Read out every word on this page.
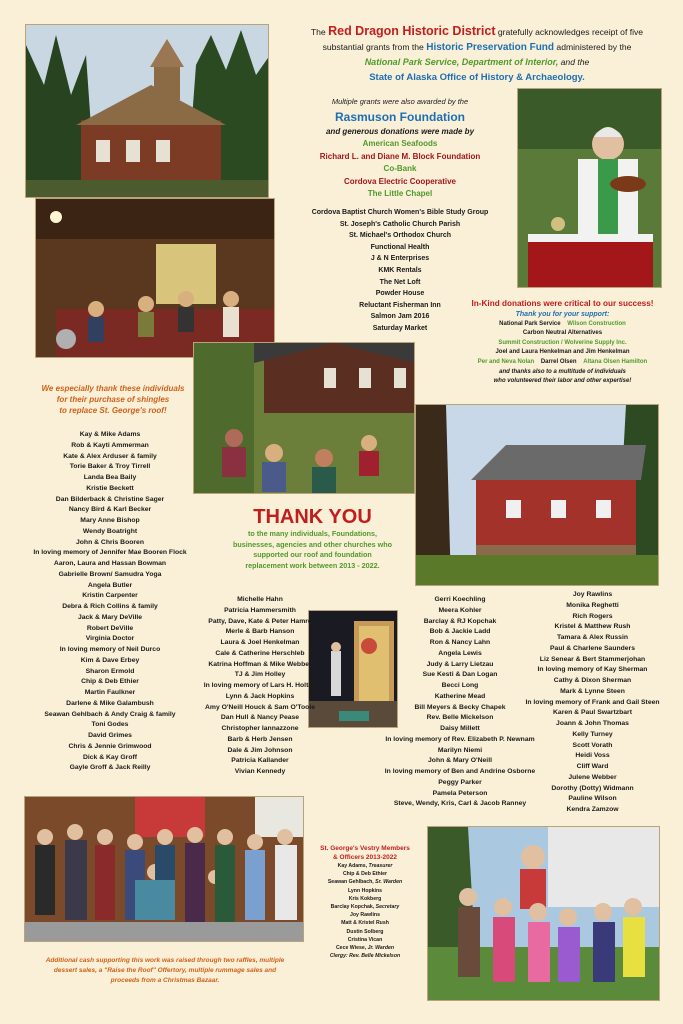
The Red Dragon Historic District gratefully acknowledges receipt of five
substantial grants from the Historic Preservation Fund administered by the
National Park Service, Department of Interior, and the
State of Alaska Office of History & Archaeology.
Multiple grants were also awarded by the
Rasmuson Foundation
and generous donations were made by
American Seafoods
Richard L. and Diane M. Block Foundation
Co-Bank
Cordova Electric Cooperative
The Little Chapel
Cordova Baptist Church Women's Bible Study Group
St. Joseph's Catholic Church Parish
St. Michael's Orthodox Church
Functional Health
J & N Enterprises
KMK Rentals
The Net Loft
Powder House
Reluctant Fisherman Inn
Salmon Jam 2016
Saturday Market
In-Kind donations were critical to our success!
Thank you for your support:
National Park Service Wilson Construction
Carbon Neutral Alternatives
Summit Construction / Wolverine Supply Inc.
Joel and Laura Henkelman and Jim Henkelman
Per and Neva Nolan Darrel Olsen Altana Olsen Hamilton
and thanks also to a multitude of individuals
who volunteered their labor and other expertise!
We especially thank these individuals
for their purchase of shingles
to replace St. George's roof!
Kay & Mike Adams
Rob & Kayti Ammerman
Kate & Alex Arduser & family
Torie Baker & Troy Tirrell
Landa Bea Baily
Kristie Beckett
Dan Bilderback & Christine Sager
Nancy Bird & Karl Becker
Mary Anne Bishop
Wendy Boatright
John & Chris Booren
In loving memory of Jennifer Mae Booren Flock
Aaron, Laura and Hassan Bowman
Gabrielle Brown/ Samudra Yoga
Angela Butler
Kristin Carpenter
Debra & Rich Collins & family
Jack & Mary DeVille
Robert DeVille
Virginia Doctor
In loving memory of Neil Durco
Kim & Dave Erbey
Sharon Ermold
Chip & Deb Ethier
Martin Faulkner
Darlene & Mike Galambush
Seawan Gehlbach & Andy Craig & family
Toni Godes
David Grimes
Chris & Jennie Grimwood
Dick & Kay Groff
Gayle Groff & Jack Reilly
Michelle Hahn
Patricia Hammersmith
Patty, Dave, Kate & Peter Hamre
Merle & Barb Hanson
Laura & Joel Henkelman
Cale & Catherine Herschleb
Katrina Hoffman & Mike Webber
TJ & Jim Holley
In loving memory of Lars H. Holtan
Lynn & Jack Hopkins
Amy O'Neill Houck & Sam O'Toole
Dan Hull & Nancy Pease
Christopher Iannazzone
Barb & Herb Jensen
Dale & Jim Johnson
Patricia Kallander
Vivian Kennedy
Gerri Koechling
Meera Kohler
Barclay & RJ Kopchak
Bob & Jackie Ladd
Ron & Nancy Lahn
Angela Lewis
Judy & Larry Lietzau
Sue Kesti & Dan Logan
Becci Long
Katherine Mead
Bill Meyers & Becky Chapek
Rev. Belle Mickelson
Daisy Millett
In loving memory of Rev. Elizabeth P. Newnam
Marilyn Niemi
John & Mary O'Neill
In loving memory of Ben and Andrine Osborne
Peggy Parker
Pamela Peterson
Steve, Wendy, Kris, Carl & Jacob Ranney
Joy Rawlins
Monika Reghetti
Rich Rogers
Kristel & Matthew Rush
Tamara & Alex Russin
Paul & Charlene Saunders
Liz Senear & Bert Stammerjohan
In loving memory of Kay Sherman
Cathy & Dixon Sherman
Mark & Lynne Steen
In loving memory of Frank and Gail Steen
Karen & Paul Swartzbart
Joann & John Thomas
Kelly Turney
Scott Vorath
Heidi Voss
Cliff Ward
Julene Webber
Dorothy (Dotty) Widmann
Pauline Wilson
Kendra Zamzow
THANK YOU
to the many individuals, Foundations,
businesses, agencies and other churches who
supported our roof and foundation
replacement work between 2013 - 2022.
St. George's Vestry Members
& Officers 2013-2022
Kay Adams, Treasurer
Chip & Deb Ethier
Seawan Gehlbach, Sr. Warden
Lynn Hopkins
Kris Kokberg
Barclay Kopchak, Secretary
Joy Rawlins
Matt & Kristel Rush
Dustin Solberg
Cristina Vican
Cece Wiese, Jr. Warden
Clergy: Rev. Belle Mickelson
Additional cash supporting this work was raised through two raffles, multiple
dessert sales, a "Raise the Roof" Offertory, multiple rummage sales and
proceeds from a Christmas Bazaar.
